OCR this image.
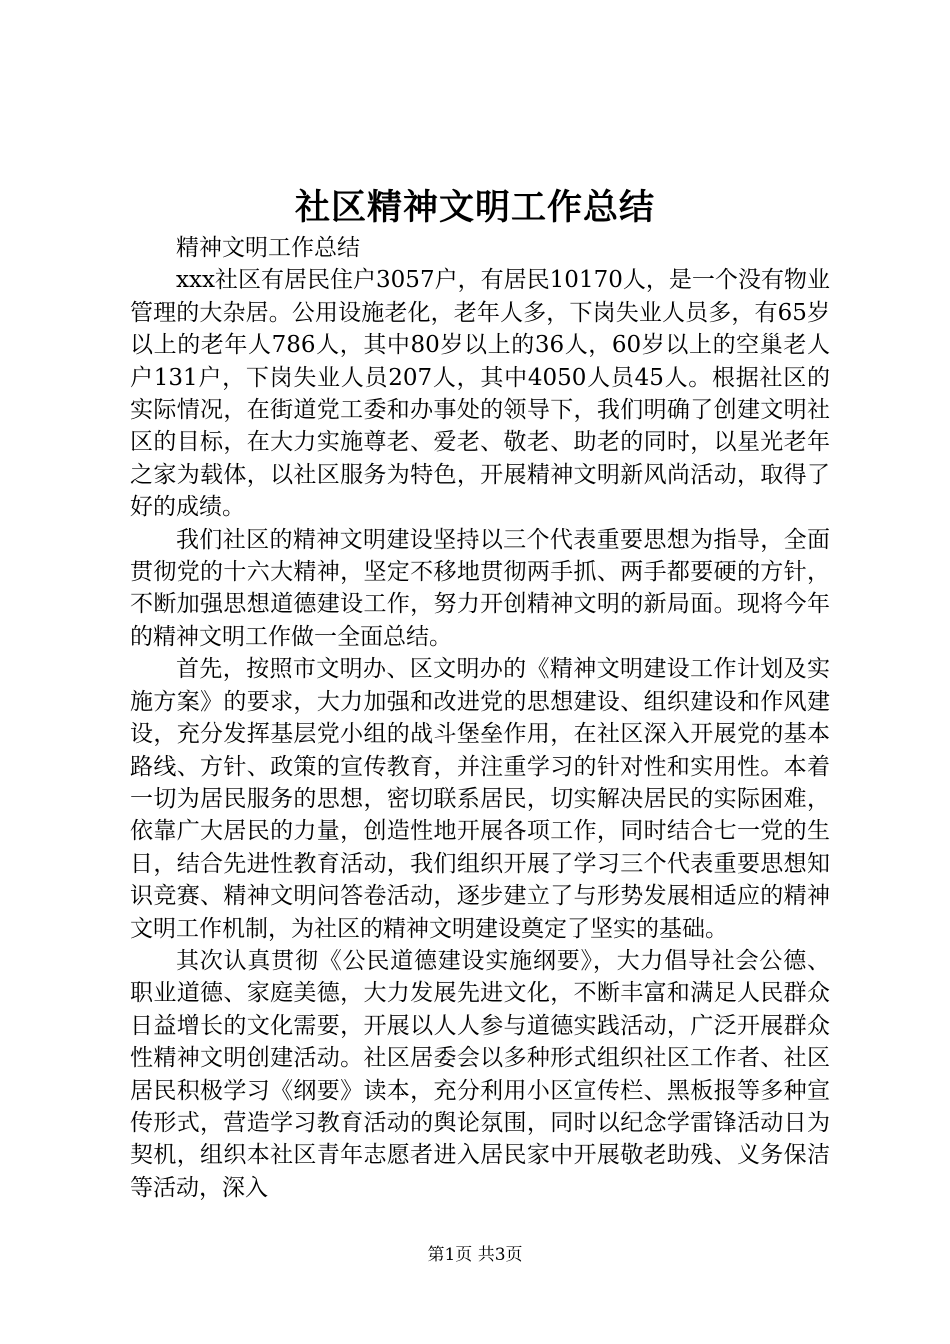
社区精神文明工作总结

精神文明工作总结

xxx社区有居民住户3057户，有居民10170人，是一个没有物业管理的大杂居。公用设施老化，老年人多，下岗失业人员多，有65岁以上的老年人786人，其中80岁以上的36人，60岁以上的空巢老人户131户，下岗失业人员207人，其中4050人员45人。根据社区的实际情况，在街道党工委和办事处的领导下，我们明确了创建文明社区的目标，在大力实施尊老、爱老、敬老、助老的同时，以星光老年之家为载体，以社区服务为特色，开展精神文明新风尚活动，取得了好的成绩。

我们社区的精神文明建设坚持以三个代表重要思想为指导，全面贯彻党的十六大精神，坚定不移地贯彻两手抓、两手都要硬的方针，不断加强思想道德建设工作，努力开创精神文明的新局面。现将今年的精神文明工作做一全面总结。

首先，按照市文明办、区文明办的《精神文明建设工作计划及实施方案》的要求，大力加强和改进党的思想建设、组织建设和作风建设，充分发挥基层党小组的战斗堡垒作用，在社区深入开展党的基本路线、方针、政策的宣传教育，并注重学习的针对性和实用性。本着一切为居民服务的思想，密切联系居民，切实解决居民的实际困难，依靠广大居民的力量，创造性地开展各项工作，同时结合七一党的生日，结合先进性教育活动，我们组织开展了学习三个代表重要思想知识竞赛、精神文明问答卷活动，逐步建立了与形势发展相适应的精神文明工作机制，为社区的精神文明建设奠定了坚实的基础。

其次认真贯彻《公民道德建设实施纲要》，大力倡导社会公德、职业道德、家庭美德，大力发展先进文化，不断丰富和满足人民群众日益增长的文化需要，开展以人人参与道德实践活动，广泛开展群众性精神文明创建活动。社区居委会以多种形式组织社区工作者、社区居民积极学习《纲要》读本，充分利用小区宣传栏、黑板报等多种宣传形式，营造学习教育活动的舆论氛围，同时以纪念学雷锋活动日为契机，组织本社区青年志愿者进入居民家中开展敬老助残、义务保洁等活动，深入

第1页 共3页
